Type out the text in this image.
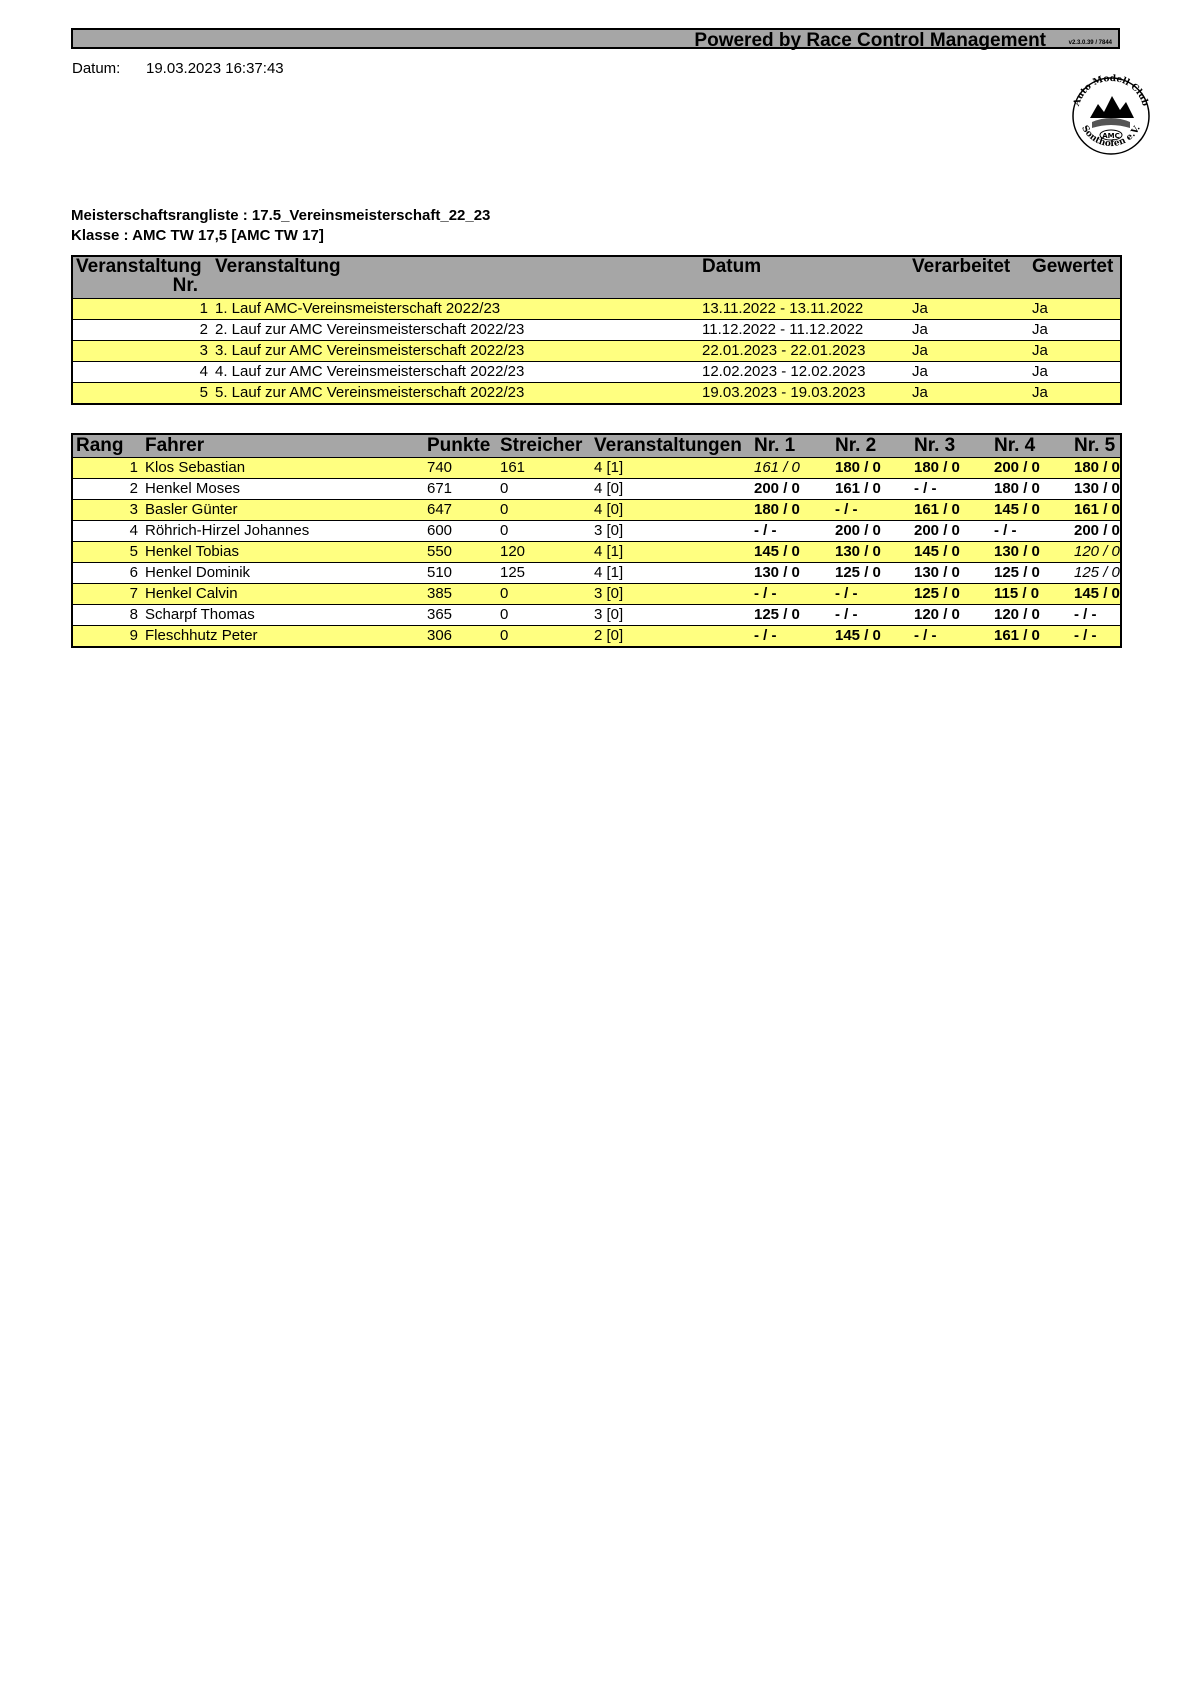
Powered by Race Control Management	v2.3.0.39 / 7844
Datum: 19.03.2023 16:37:43
Auto Modell Club
AMC
Sonthofen e.V.
Meisterschaftsrangliste : 17.5_Vereinsmeisterschaft_22_23
Klasse : AMC TW 17,5 [AMC TW 17]
Veranstaltung
Nr.	Veranstaltung	Datum	Verarbeitet	Gewertet
1	1. Lauf AMC-Vereinsmeisterschaft 2022/23	13.11.2022 - 13.11.2022	Ja	Ja
2	2. Lauf zur AMC Vereinsmeisterschaft 2022/23	11.12.2022 - 11.12.2022	Ja	Ja
3	3. Lauf zur AMC Vereinsmeisterschaft 2022/23	22.01.2023 - 22.01.2023	Ja	Ja
4	4. Lauf zur AMC Vereinsmeisterschaft 2022/23	12.02.2023 - 12.02.2023	Ja	Ja
5	5. Lauf zur AMC Vereinsmeisterschaft 2022/23	19.03.2023 - 19.03.2023	Ja	Ja
Rang	Fahrer	Punkte	Streicher	Veranstaltungen	Nr. 1	Nr. 2	Nr. 3	Nr. 4	Nr. 5
1	Klos Sebastian	740	161	4 [1]	161 / 0	180 / 0	180 / 0	200 / 0	180 / 0
2	Henkel Moses	671	0	4 [0]	200 / 0	161 / 0	- / -	180 / 0	130 / 0
3	Basler Günter	647	0	4 [0]	180 / 0	- / -	161 / 0	145 / 0	161 / 0
4	Röhrich-Hirzel Johannes	600	0	3 [0]	- / -	200 / 0	200 / 0	- / -	200 / 0
5	Henkel Tobias	550	120	4 [1]	145 / 0	130 / 0	145 / 0	130 / 0	120 / 0
6	Henkel Dominik	510	125	4 [1]	130 / 0	125 / 0	130 / 0	125 / 0	125 / 0
7	Henkel Calvin	385	0	3 [0]	- / -	- / -	125 / 0	115 / 0	145 / 0
8	Scharpf Thomas	365	0	3 [0]	125 / 0	- / -	120 / 0	120 / 0	- / -
9	Fleschhutz Peter	306	0	2 [0]	- / -	145 / 0	- / -	161 / 0	- / -
